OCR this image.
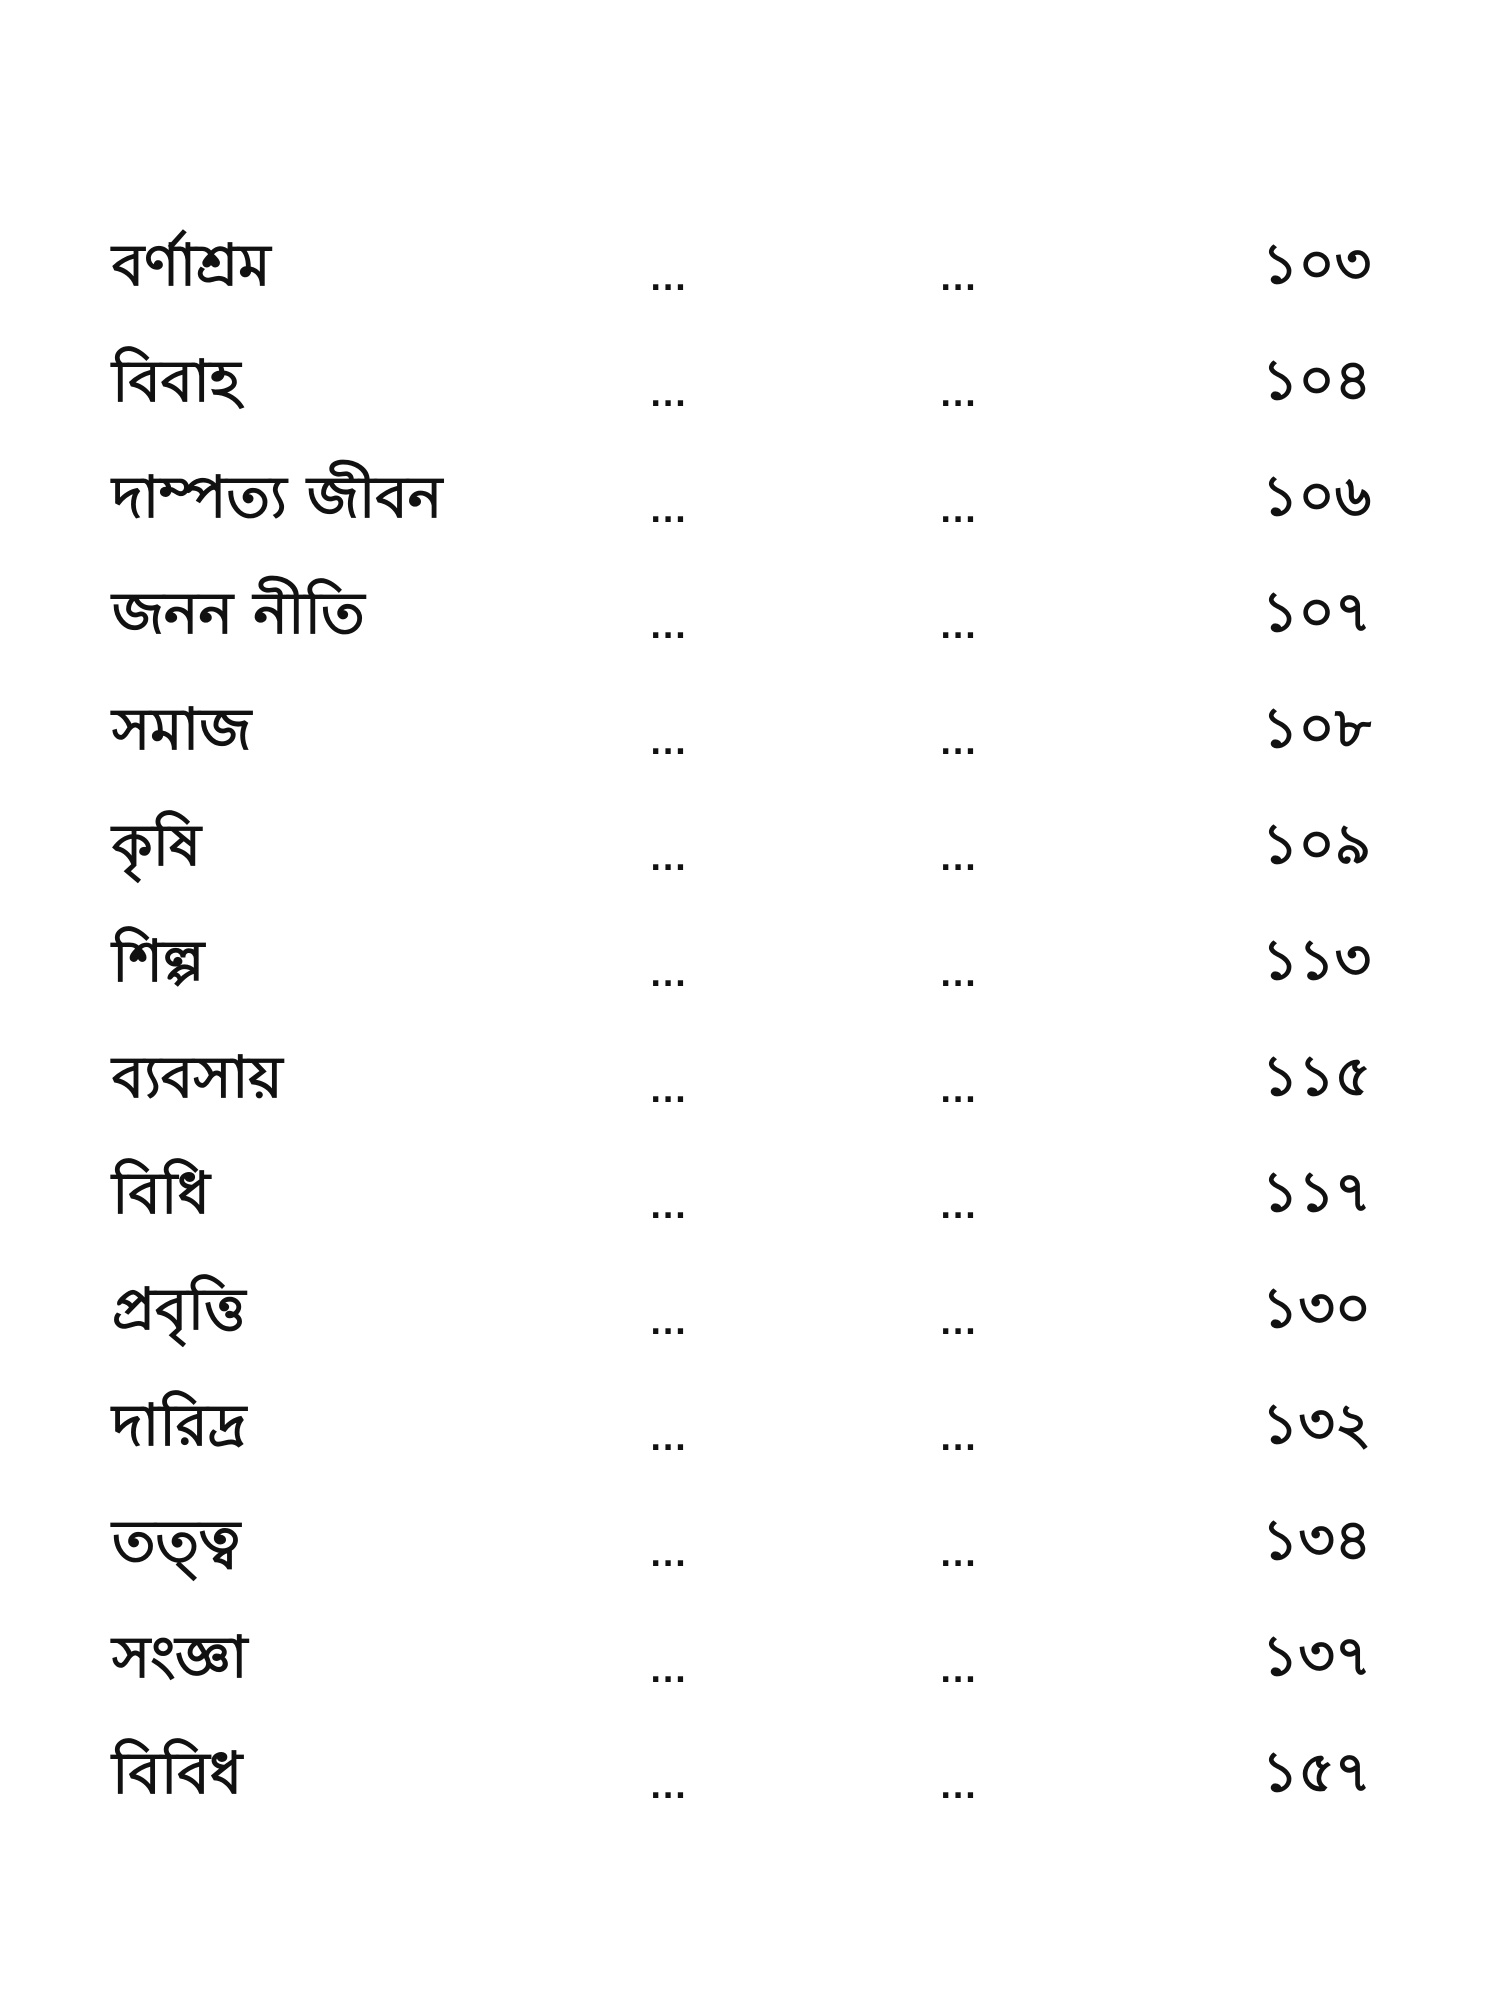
বর্ণাশ্রম	...	...	১০৩
বিবাহ	...	...	১০৪
দাম্পত্য জীবন	...	...	১০৬
জনন নীতি	...	...	১০৭
সমাজ	...	...	১০৮
কৃষি	...	...	১০৯
শিল্প	...	...	১১৩
ব্যবসায়	...	...	১১৫
বিধি	...	...	১১৭
প্রবৃত্তি	...	...	১৩০
দারিদ্র	...	...	১৩২
তত্ত্ব	...	...	১৩৪
সংজ্ঞা	...	...	১৩৭
বিবিধ	...	...	১৫৭
